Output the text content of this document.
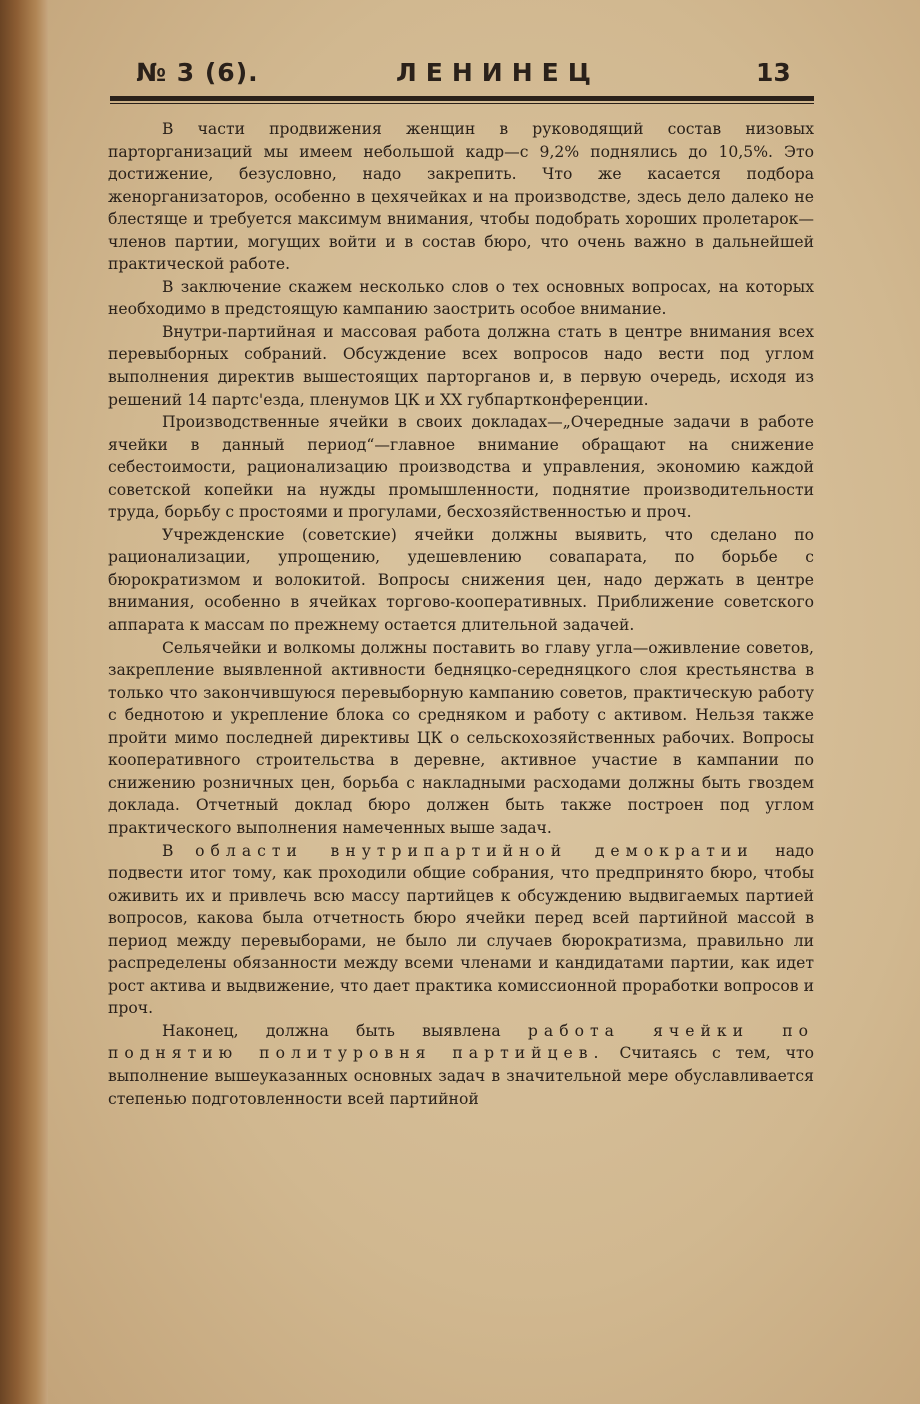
№ 3 (6).	ЛЕНИНЕЦ	13

В части продвижения женщин в руководящий состав низовых парторганизаций мы имеем небольшой кадр—с 9,2% поднялись до 10,5%. Это достижение, безусловно, надо закрепить. Что же касается подбора женорганизаторов, особенно в цехячейках и на производстве, здесь дело далеко не блестяще и требуется максимум внимания, чтобы подобрать хороших пролетарок—членов партии, могущих войти и в состав бюро, что очень важно в дальнейшей практической работе.

В заключение скажем несколько слов о тех основных вопросах, на которых необходимо в предстоящую кампанию заострить особое внимание.

Внутри-партийная и массовая работа должна стать в центре внимания всех перевыборных собраний. Обсуждение всех вопросов надо вести под углом выполнения директив вышестоящих парторганов и, в первую очередь, исходя из решений 14 партс'езда, пленумов ЦК и XX губпартконференции.

Производственные ячейки в своих докладах—„Очередные задачи в работе ячейки в данный период“—главное внимание обращают на снижение себестоимости, рационализацию производства и управления, экономию каждой советской копейки на нужды промышленности, поднятие производительности труда, борьбу с простоями и прогулами, бесхозяйственностью и проч.

Учрежденские (советские) ячейки должны выявить, что сделано по рационализации, упрощению, удешевлению совапарата, по борьбе с бюрократизмом и волокитой. Вопросы снижения цен, надо держать в центре внимания, особенно в ячейках торгово-кооперативных. Приближение советского аппарата к массам по прежнему остается длительной задачей.

Сельячейки и волкомы должны поставить во главу угла—оживление советов, закрепление выявленной активности бедняцко-середняцкого слоя крестьянства в только что закончившуюся перевыборную кампанию советов, практическую работу с беднотою и укрепление блока со средняком и работу с активом. Нельзя также пройти мимо последней директивы ЦК о сельскохозяйственных рабочих. Вопросы кооперативного строительства в деревне, активное участие в кампании по снижению розничных цен, борьба с накладными расходами должны быть гвоздем доклада. Отчетный доклад бюро должен быть также построен под углом практического выполнения намеченных выше задач.

В области внутрипартийной демократии надо подвести итог тому, как проходили общие собрания, что предпринято бюро, чтобы оживить их и привлечь всю массу партийцев к обсуждению выдвигаемых партией вопросов, какова была отчетность бюро ячейки перед всей партийной массой в период между перевыборами, не было ли случаев бюрократизма, правильно ли распределены обязанности между всеми членами и кандидатами партии, как идет рост актива и выдвижение, что дает практика комиссионной проработки вопросов и проч.

Наконец, должна быть выявлена работа ячейки по поднятию политуровня партийцев. Считаясь с тем, что выполнение вышеуказанных основных задач в значительной мере обуславливается степенью подготовленности всей партийной
